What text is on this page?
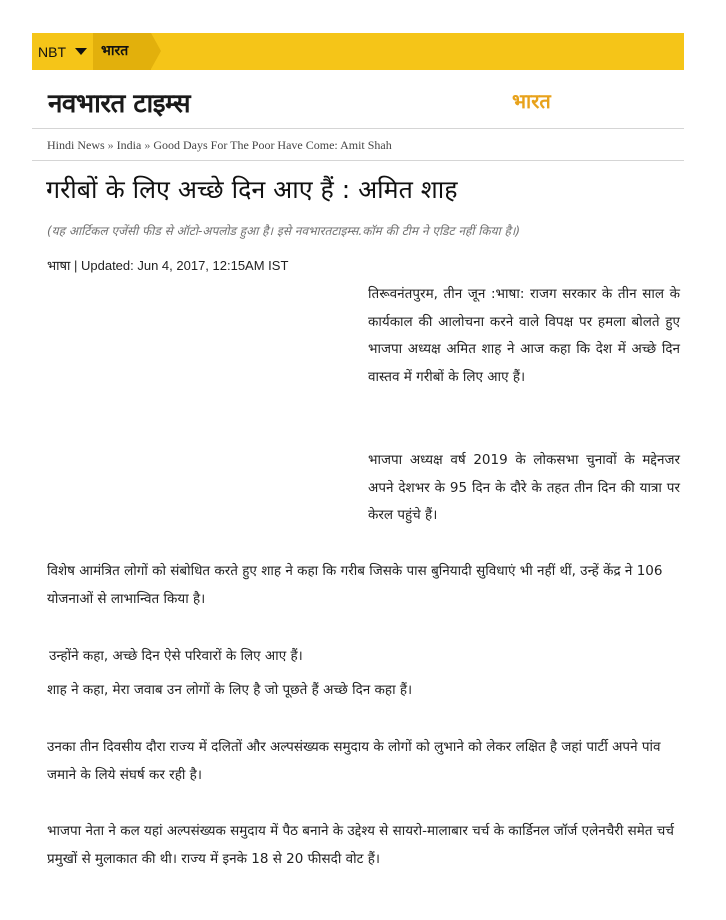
NBT	भारत
नवभारत टाइम्स	भारत
Hindi News » India » Good Days For The Poor Have Come: Amit Shah
गरीबों के लिए अच्छे दिन आए हैं : अमित शाह
(यह आर्टिकल एजेंसी फीड से ऑटो-अपलोड हुआ है। इसे नवभारतटाइम्स.कॉम की टीम ने एडिट नहीं किया है।)
भाषा | Updated: Jun 4, 2017, 12:15AM IST
तिरूवनंतपुरम, तीन जून :भाषा: राजग सरकार के तीन साल के कार्यकाल की आलोचना करने वाले विपक्ष पर हमला बोलते हुए भाजपा अध्यक्ष अमित शाह ने आज कहा कि देश में अच्छे दिन वास्तव में गरीबों के लिए आए हैं।
भाजपा अध्यक्ष वर्ष 2019 के लोकसभा चुनावों के मद्देनजर अपने देशभर के 95 दिन के दौरे के तहत तीन दिन की यात्रा पर केरल पहुंचे हैं।
विशेष आमंत्रित लोगों को संबोधित करते हुए शाह ने कहा कि गरीब जिसके पास बुनियादी सुविधाएं भी नहीं थीं, उन्हें केंद्र ने 106 योजनाओं से लाभान्वित किया है।
उन्होंने कहा, अच्छे दिन ऐसे परिवारों के लिए आए हैं।
शाह ने कहा, मेरा जवाब उन लोगों के लिए है जो पूछते हैं अच्छे दिन कहा हैं।
उनका तीन दिवसीय दौरा राज्य में दलितों और अल्पसंख्यक समुदाय के लोगों को लुभाने को लेकर लक्षित है जहां पार्टी अपने पांव जमाने के लिये संघर्ष कर रही है।
भाजपा नेता ने कल यहां अल्पसंख्यक समुदाय में पैठ बनाने के उद्देश्य से सायरो-मालाबार चर्च के कार्डिनल जॉर्ज एलेनचैरी समेत चर्च प्रमुखों से मुलाकात की थी। राज्य में इनके 18 से 20 फीसदी वोट हैं।
